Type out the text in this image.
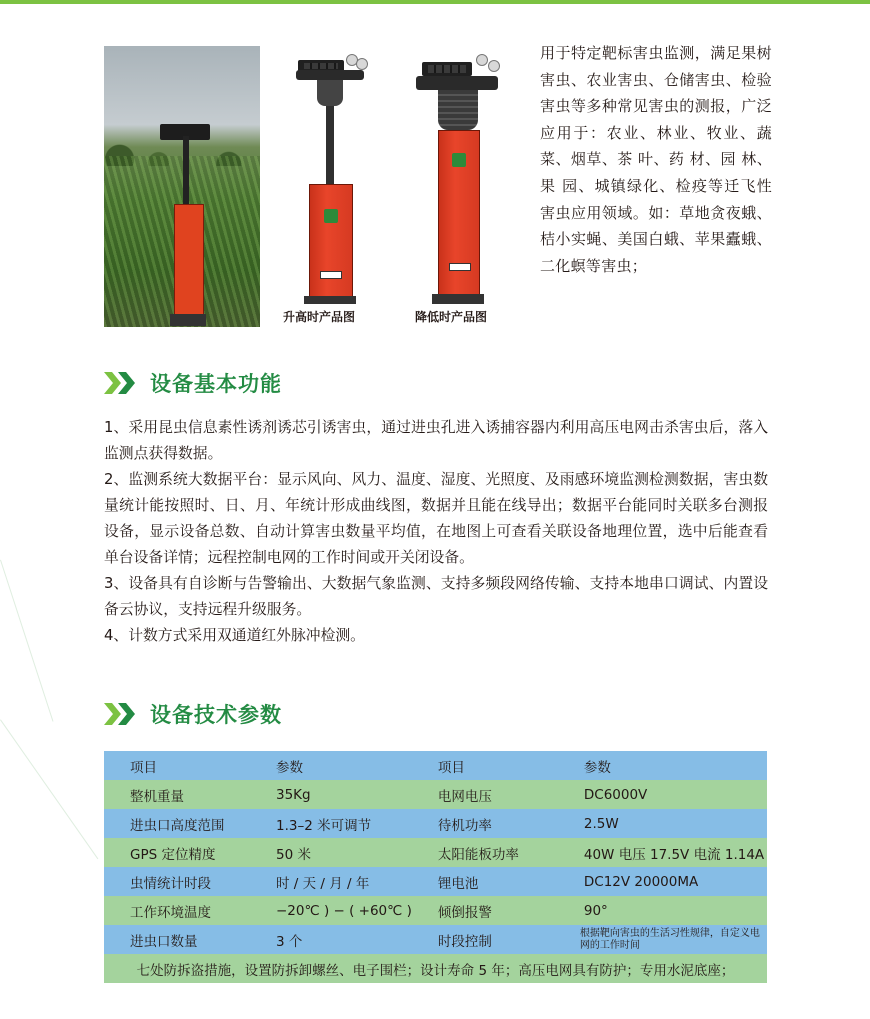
升高时产品图	降低时产品图
用于特定靶标害虫监测，满足果树害虫、农业害虫、仓储害虫、检验害虫等多种常见害虫的测报，广泛应用于：农业、林业、牧业、蔬菜、烟草、茶 叶、药 材、园 林、果 园、城镇绿化、检疫等迁飞性害虫应用领域。如：草地贪夜蛾、桔小实蝇、美国白蛾、苹果蠹蛾、二化螟等害虫；
设备基本功能

1、采用昆虫信息素性诱剂诱芯引诱害虫，通过进虫孔进入诱捕容器内利用高压电网击杀害虫后，落入监测点获得数据。

2、监测系统大数据平台：显示风向、风力、温度、湿度、光照度、及雨感环境监测检测数据，害虫数量统计能按照时、日、月、年统计形成曲线图，数据并且能在线导出；数据平台能同时关联多台测报设备，显示设备总数、自动计算害虫数量平均值，在地图上可查看关联设备地理位置，选中后能查看单台设备详情；远程控制电网的工作时间或开关闭设备。

3、设备具有自诊断与告警输出、大数据气象监测、支持多频段网络传输、支持本地串口调试、内置设备云协议，支持远程升级服务。

4、计数方式采用双通道红外脉冲检测。

设备技术参数
项目	参数	项目	参数
整机重量	35Kg	电网电压	DC6000V
进虫口高度范围	1.3–2 米可调节	待机功率	2.5W
GPS 定位精度	50 米	太阳能板功率	40W 电压 17.5V 电流 1.14A
虫情统计时段	时 / 天 / 月 / 年	锂电池	DC12V 20000MA
工作环境温度	−20℃ ) − ( +60℃ )	倾倒报警	90°
进虫口数量	3 个	时段控制	根据靶向害虫的生活习性规律，自定义电网的工作时间
七处防拆盗措施，设置防拆卸螺丝、电子围栏；设计寿命 5 年；高压电网具有防护；专用水泥底座；			
